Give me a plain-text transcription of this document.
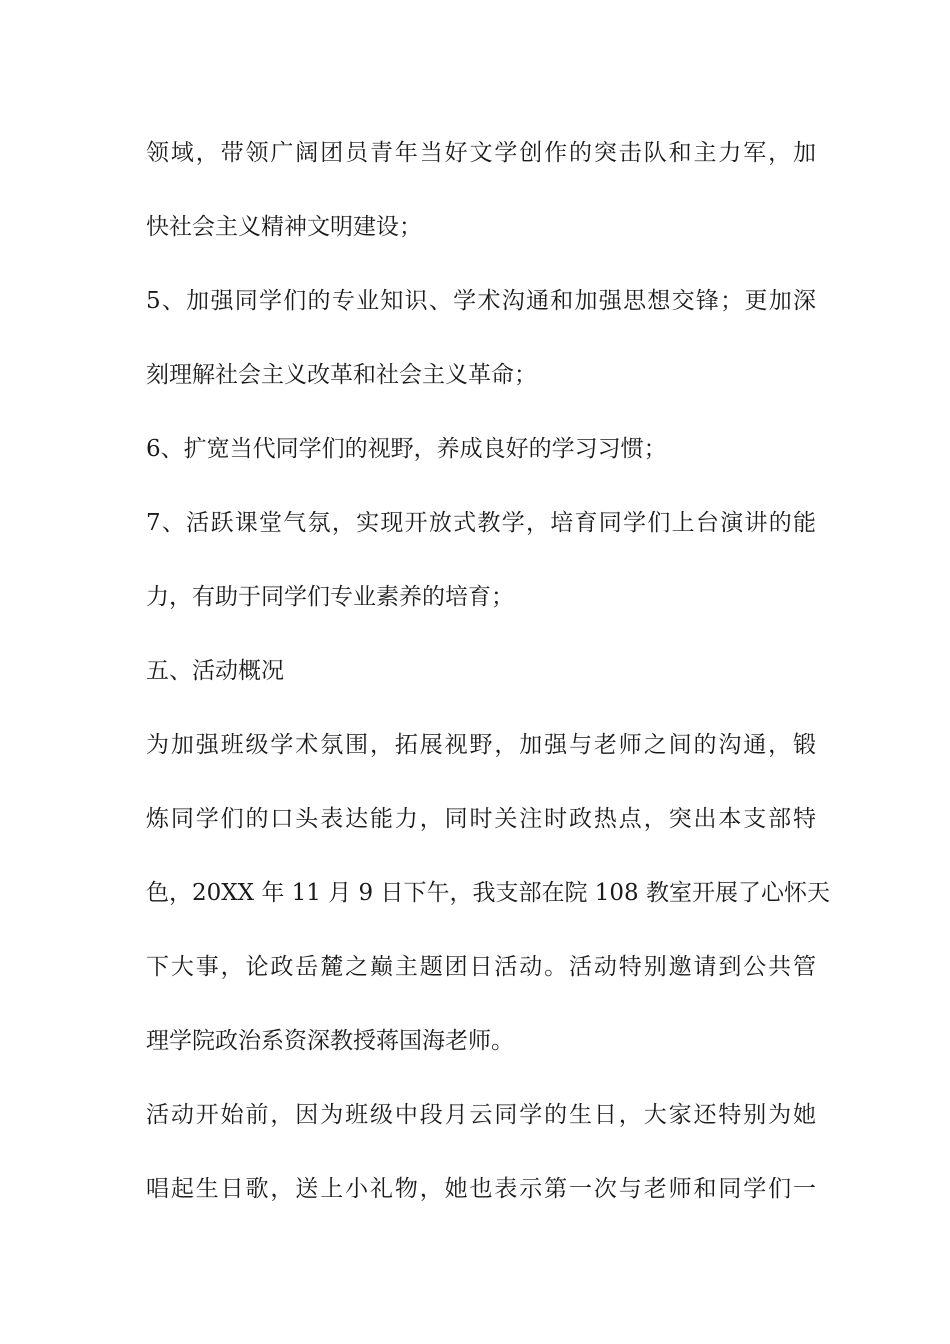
领域，带领广阔团员青年当好文学创作的突击队和主力军，加
快社会主义精神文明建设；
5、加强同学们的专业知识、学术沟通和加强思想交锋；更加深
刻理解社会主义改革和社会主义革命；
6、扩宽当代同学们的视野，养成良好的学习习惯；
7、活跃课堂气氛，实现开放式教学，培育同学们上台演讲的能
力，有助于同学们专业素养的培育；
五、活动概况
为加强班级学术氛围，拓展视野，加强与老师之间的沟通，锻
炼同学们的口头表达能力，同时关注时政热点，突出本支部特
色，20XX 年 11 月 9 日下午，我支部在院 108 教室开展了心怀天
下大事，论政岳麓之巅主题团日活动。活动特别邀请到公共管
理学院政治系资深教授蒋国海老师。
活动开始前，因为班级中段月云同学的生日，大家还特别为她
唱起生日歌，送上小礼物，她也表示第一次与老师和同学们一
